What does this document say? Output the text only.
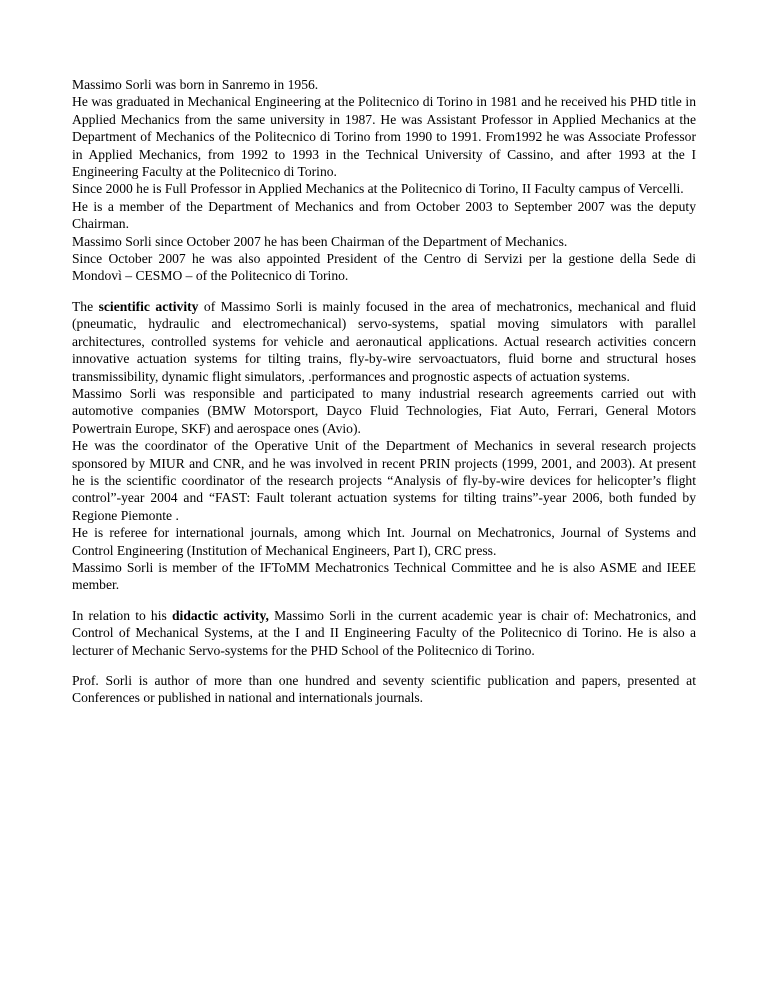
Massimo Sorli was born in Sanremo in 1956.
He was graduated in Mechanical Engineering at the Politecnico di Torino in 1981 and he received his PHD title in Applied Mechanics from the same university in 1987. He was Assistant Professor in Applied Mechanics at the Department of Mechanics of the Politecnico di Torino from 1990 to 1991. From1992 he was Associate Professor in Applied Mechanics, from 1992 to 1993 in the Technical University of Cassino, and after 1993 at the I Engineering Faculty at the Politecnico di Torino.
Since 2000 he is Full Professor in Applied Mechanics at the Politecnico di Torino, II Faculty campus of Vercelli.
He is a member of the Department of Mechanics and from October 2003 to September 2007 was the deputy Chairman.
Massimo Sorli since October 2007 he has been Chairman of the Department of Mechanics.
Since October 2007 he was also appointed President of the Centro di Servizi per la gestione della Sede di Mondovì – CESMO – of the Politecnico di Torino.
The scientific activity of Massimo Sorli is mainly focused in the area of mechatronics, mechanical and fluid (pneumatic, hydraulic and electromechanical) servo-systems, spatial moving simulators with parallel architectures, controlled systems for vehicle and aeronautical applications. Actual research activities concern innovative actuation systems for tilting trains, fly-by-wire servoactuators, fluid borne and structural hoses transmissibility, dynamic flight simulators, .performances and prognostic aspects of actuation systems.
Massimo Sorli was responsible and participated to many industrial research agreements carried out with automotive companies (BMW Motorsport, Dayco Fluid Technologies, Fiat Auto, Ferrari, General Motors Powertrain Europe, SKF) and aerospace ones (Avio).
He was the coordinator of the Operative Unit of the Department of Mechanics in several research projects sponsored by MIUR and CNR, and he was involved in recent PRIN projects (1999, 2001, and 2003). At present he is the scientific coordinator of the research projects “Analysis of fly-by-wire devices for helicopter’s flight control”-year 2004 and “FAST: Fault tolerant actuation systems for tilting trains”-year 2006, both funded by Regione Piemonte .
He is referee for international journals, among which Int. Journal on Mechatronics, Journal of Systems and Control Engineering (Institution of Mechanical Engineers, Part I), CRC press.
Massimo Sorli is member of the IFToMM Mechatronics Technical Committee and he is also ASME and IEEE member.
In relation to his didactic activity, Massimo Sorli in the current academic year is chair of: Mechatronics, and Control of Mechanical Systems, at the I and II Engineering Faculty of the Politecnico di Torino. He is also a lecturer of Mechanic Servo-systems for the PHD School of the Politecnico di Torino.
Prof. Sorli is author of more than one hundred and seventy scientific publication and papers, presented at Conferences or published in national and internationals journals.
